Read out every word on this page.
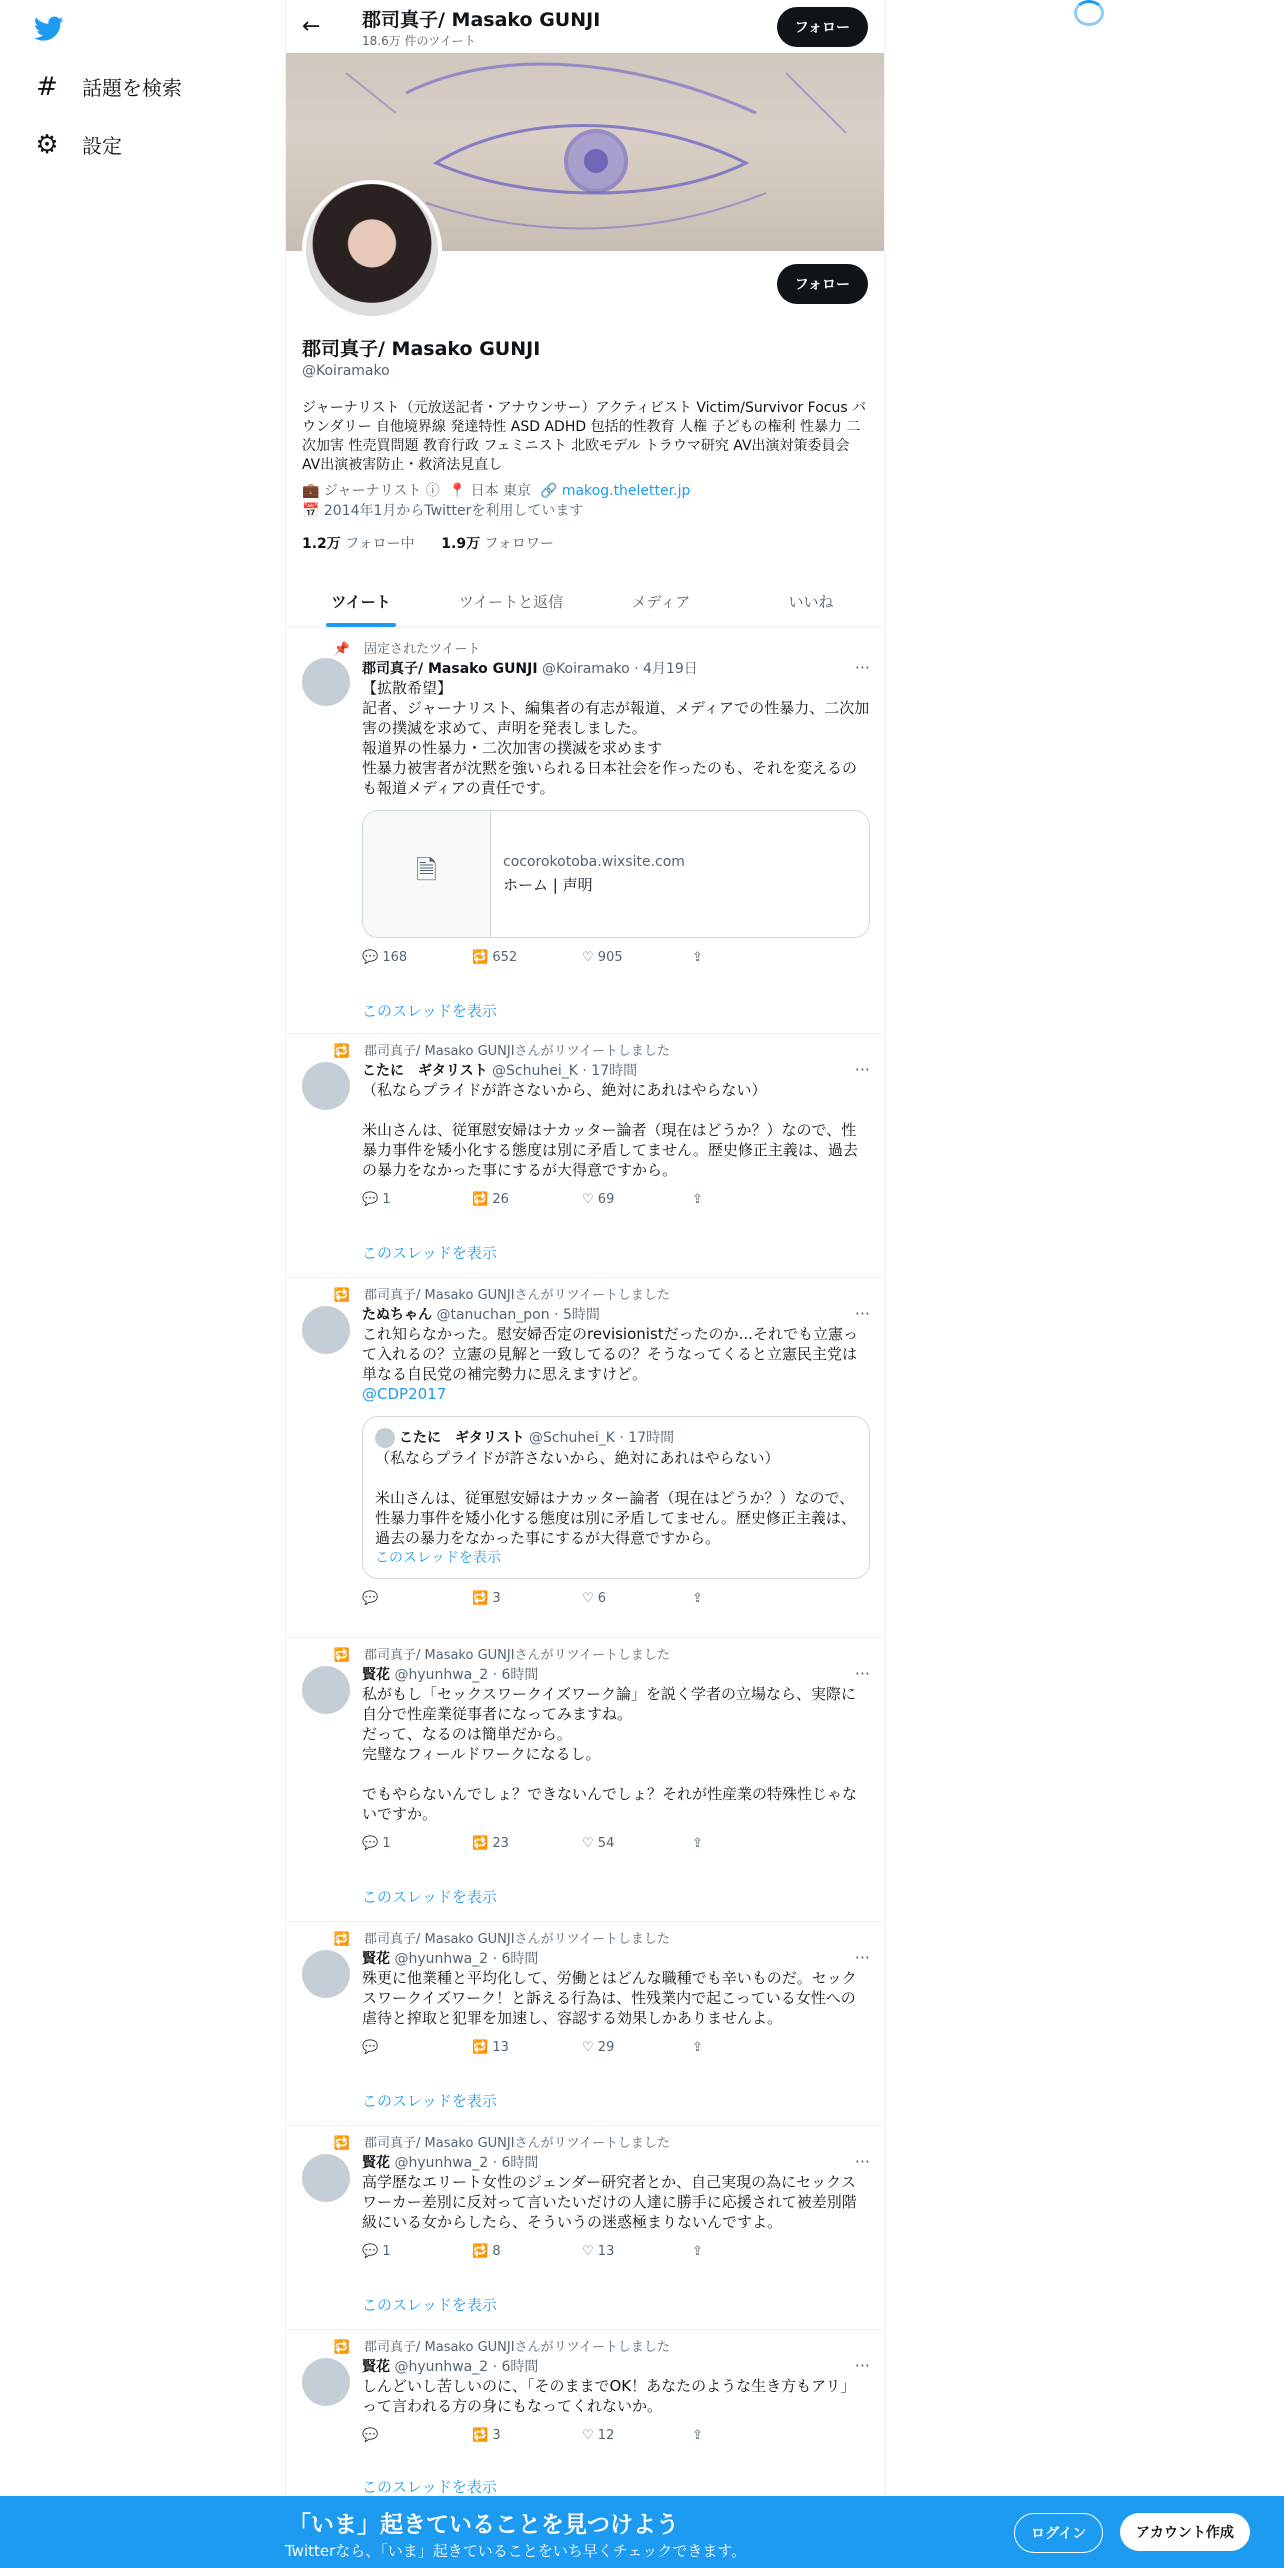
# 話題を検索
⚙ 設定
←	郡司真子/ Masako GUNJI
18.6万 件のツイート
フォロー
フォロー
郡司真子/ Masako GUNJI
@Koiramako
ジャーナリスト（元放送記者・アナウンサー）アクティビスト Victim/Survivor Focus バウンダリー 自他境界線 発達特性 ASD ADHD 包括的性教育 人権 子どもの権利 性暴力 二次加害 性売買問題 教育行政 フェミニスト 北欧モデル トラウマ研究 AV出演対策委員会 AV出演被害防止・救済法見直し
💼 ジャーナリスト ⓘ 📍 日本 東京 🔗 makog.theletter.jp
📅 2014年1月からTwitterを利用しています
1.2万 フォロー中 1.9万 フォロワー
ツイート	ツイートと返信	メディア	いいね
📌 固定されたツイート
郡司真子/ Masako GUNJI @Koiramako · 4月19日	···
【拡散希望】
記者、ジャーナリスト、編集者の有志が報道、メディアでの性暴力、二次加害の撲滅を求めて、声明を発表しました。
報道界の性暴力・二次加害の撲滅を求めます
性暴力被害者が沈黙を強いられる日本社会を作ったのも、それを変えるのも報道メディアの責任です。
🗎	cocorokotoba.wixsite.com
ホーム | 声明
💬 168	🔁 652	♡ 905	⇪
このスレッドを表示
🔁 郡司真子/ Masako GUNJIさんがリツイートしました
こたに　ギタリスト @Schuhei_K · 17時間	···
（私ならプライドが許さないから、絶対にあれはやらない）

米山さんは、従軍慰安婦はナカッター論者（現在はどうか？）なので、性暴力事件を矮小化する態度は別に矛盾してません。歴史修正主義は、過去の暴力をなかった事にするが大得意ですから。
💬 1	🔁 26	♡ 69	⇪
このスレッドを表示
🔁 郡司真子/ Masako GUNJIさんがリツイートしました
たぬちゃん @tanuchan_pon · 5時間	···
これ知らなかった。慰安婦否定のrevisionistだったのか...それでも立憲って入れるの？立憲の見解と一致してるの？そうなってくると立憲民主党は単なる自民党の補完勢力に思えますけど。
@CDP2017
こたに　ギタリスト @Schuhei_K · 17時間
（私ならプライドが許さないから、絶対にあれはやらない）

米山さんは、従軍慰安婦はナカッター論者（現在はどうか？）なので、性暴力事件を矮小化する態度は別に矛盾してません。歴史修正主義は、過去の暴力をなかった事にするが大得意ですから。
このスレッドを表示
💬	🔁 3	♡ 6	⇪
🔁 郡司真子/ Masako GUNJIさんがリツイートしました
賢花 @hyunhwa_2 · 6時間	···
私がもし「セックスワークイズワーク論」を説く学者の立場なら、実際に自分で性産業従事者になってみますね。
だって、なるのは簡単だから。
完璧なフィールドワークになるし。

でもやらないんでしょ？できないんでしょ？それが性産業の特殊性じゃないですか。
💬 1	🔁 23	♡ 54	⇪
このスレッドを表示
🔁 郡司真子/ Masako GUNJIさんがリツイートしました
賢花 @hyunhwa_2 · 6時間	···
殊更に他業種と平均化して、労働とはどんな職種でも辛いものだ。セックスワークイズワーク！と訴える行為は、性残業内で起こっている女性への虐待と搾取と犯罪を加速し、容認する効果しかありませんよ。
💬	🔁 13	♡ 29	⇪
このスレッドを表示
🔁 郡司真子/ Masako GUNJIさんがリツイートしました
賢花 @hyunhwa_2 · 6時間	···
高学歴なエリート女性のジェンダー研究者とか、自己実現の為にセックスワーカー差別に反対って言いたいだけの人達に勝手に応援されて被差別階級にいる女からしたら、そういうの迷惑極まりないんですよ。
💬 1	🔁 8	♡ 13	⇪
このスレッドを表示
🔁 郡司真子/ Masako GUNJIさんがリツイートしました
賢花 @hyunhwa_2 · 6時間	···
しんどいし苦しいのに、「そのままでOK！あなたのような生き方もアリ」って言われる方の身にもなってくれないか。
💬	🔁 3	♡ 12	⇪
このスレッドを表示
「いま」起きていることを見つけよう
Twitterなら、「いま」起きていることをいち早くチェックできます。
ログイン	アカウント作成
